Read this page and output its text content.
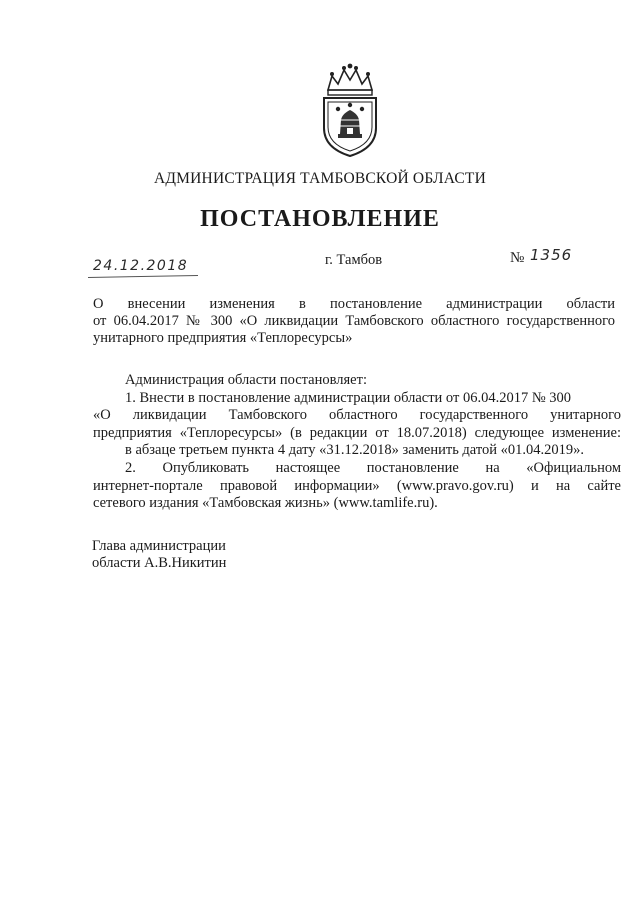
АДМИНИСТРАЦИЯ ТАМБОВСКОЙ ОБЛАСТИ
ПОСТАНОВЛЕНИЕ
г. Тамбов	№ 1356
24.12.2018
О внесении изменения в постановление администрации области
от 06.04.2017 № 300 «О ликвидации Тамбовского областного государственного
унитарного предприятия «Теплоресурсы»
Администрация области постановляет:
1. Внести в постановление администрации области от 06.04.2017 № 300
«О ликвидации Тамбовского областного государственного унитарного
предприятия «Теплоресурсы» (в редакции от 18.07.2018) следующее изменение:
в абзаце третьем пункта 4 дату «31.12.2018» заменить датой «01.04.2019».
2. Опубликовать настоящее постановление на «Официальном
интернет-портале правовой информации» (www.pravo.gov.ru) и на сайте
сетевого издания «Тамбовская жизнь» (www.tamlife.ru).
Глава администрации
области А.В.Никитин
